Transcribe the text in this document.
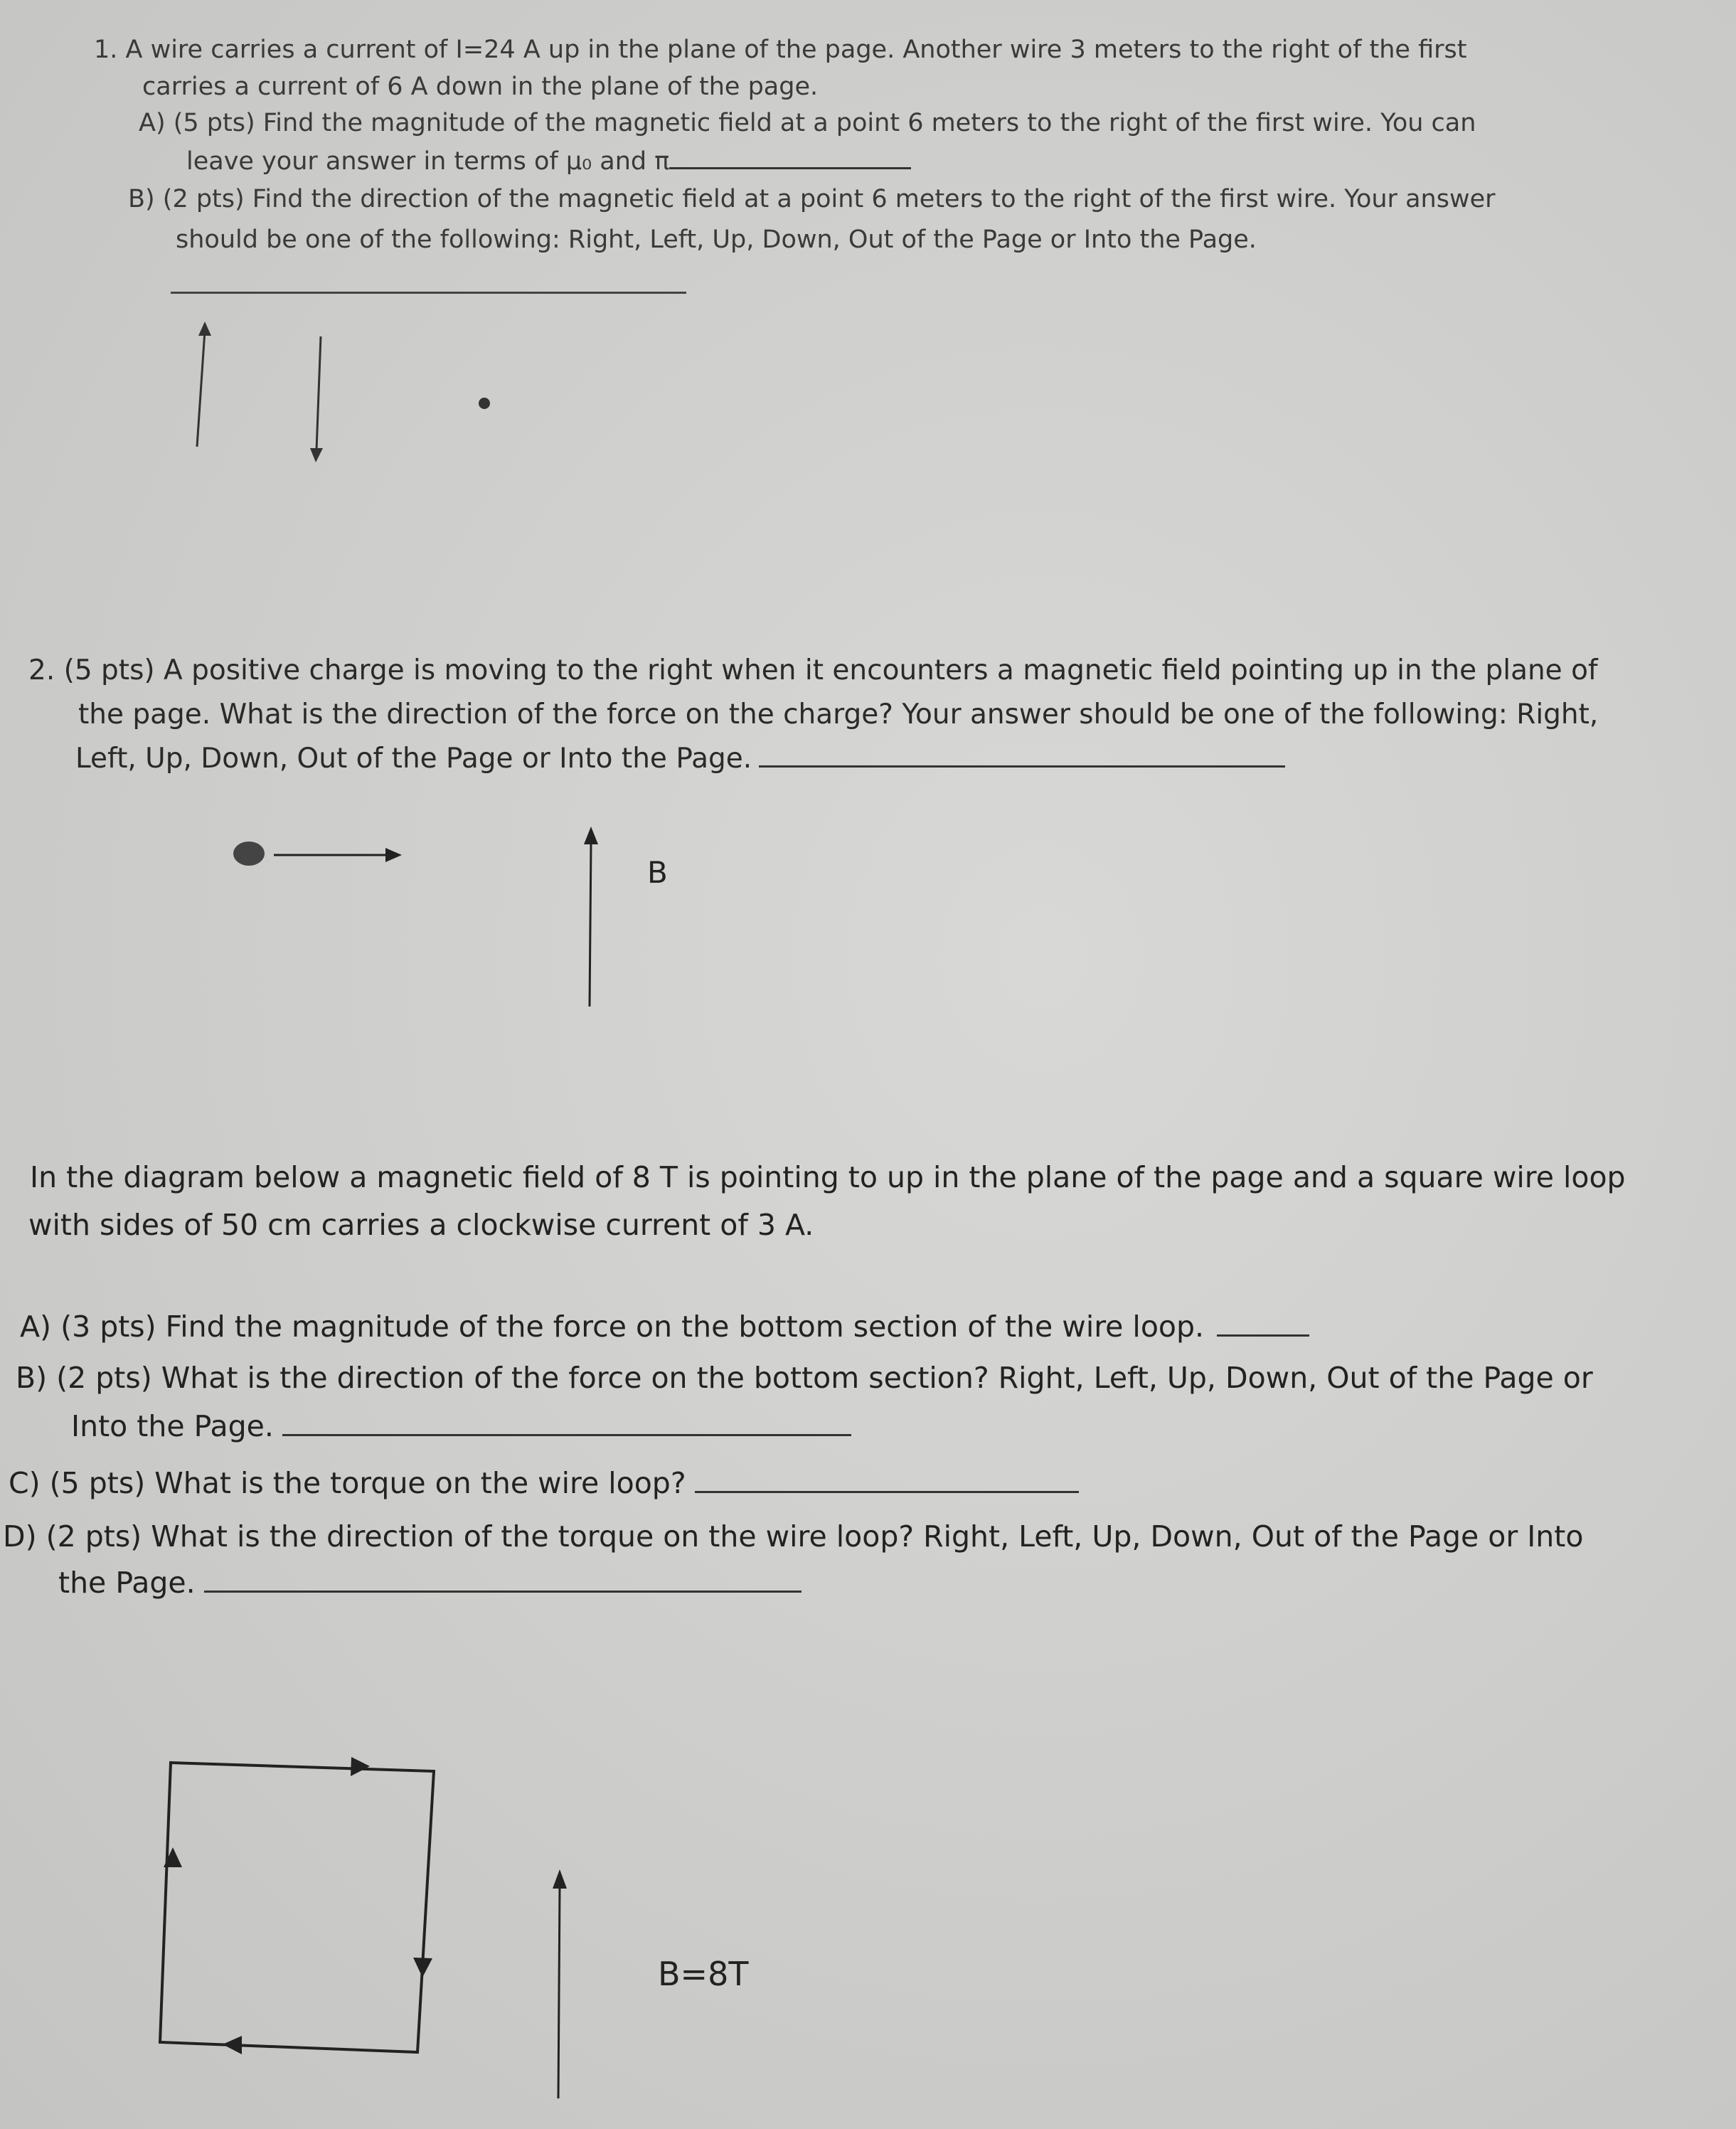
1. A wire carries a current of I=24 A up in the plane of the page. Another wire 3 meters to the right of the first
carries a current of 6 A down in the plane of the page.
A) (5 pts) Find the magnitude of the magnetic field at a point 6 meters to the right of the first wire. You can
leave your answer in terms of μ₀ and π
B) (2 pts) Find the direction of the magnetic field at a point 6 meters to the right of the first wire. Your answer
should be one of the following: Right, Left, Up, Down, Out of the Page or Into the Page.
2. (5 pts) A positive charge is moving to the right when it encounters a magnetic field pointing up in the plane of
the page. What is the direction of the force on the charge? Your answer should be one of the following: Right,
Left, Up, Down, Out of the Page or Into the Page.
B
In the diagram below a magnetic field of 8 T is pointing to up in the plane of the page and a square wire loop
with sides of 50 cm carries a clockwise current of 3 A.
A) (3 pts) Find the magnitude of the force on the bottom section of the wire loop.
B) (2 pts) What is the direction of the force on the bottom section? Right, Left, Up, Down, Out of the Page or
Into the Page.
C) (5 pts) What is the torque on the wire loop?
D) (2 pts) What is the direction of the torque on the wire loop? Right, Left, Up, Down, Out of the Page or Into
the Page.
B=8T
